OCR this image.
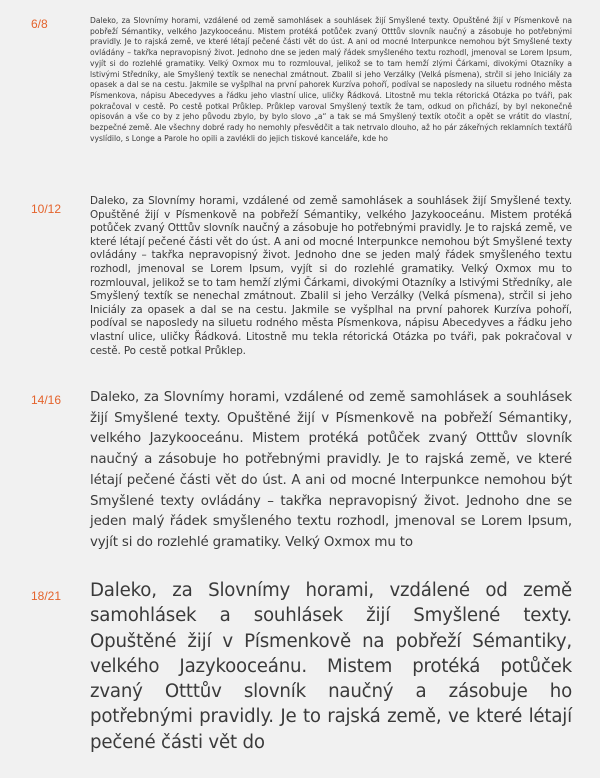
6/8	Daleko, za Slovnímy horami, vzdálené od země samohlásek a souhlásek žijí Smyšlené texty. Opuštěné žijí v Písmenkově na pobřeží Sémantiky, velkého Jazykooceánu. Mistem protéká potůček zvaný Otttův slovník naučný a zásobuje ho potřebnými pravidly. Je to rajská země, ve které létají pečené části vět do úst. A ani od mocné Interpunkce nemohou být Smyšlené texty ovládány – takřka nepravopisný život. Jednoho dne se jeden malý řádek smyšleného textu rozhodl, jmenoval se Lorem Ipsum, vyjít si do rozlehlé gramatiky. Velký Oxmox mu to rozmlouval, jelikož se to tam hemží zlými Čárkami, divokými Otazníky a lstivými Středníky, ale Smyšlený textík se nenechal zmátnout. Zbalil si jeho Verzálky (Velká písmena), strčil si jeho Iniciály za opasek a dal se na cestu. Jakmile se vyšplhal na první pahorek Kurzíva pohoří, podíval se naposledy na siluetu rodného města Písmenkova, nápisu Abecedyves a řádku jeho vlastní ulice, uličky Řádková. Litostně mu tekla rétorická Otázka po tváři, pak pokračoval v cestě. Po cestě potkal Průklep. Průklep varoval Smyšlený textík že tam, odkud on přichází, by byl nekonečně opisován a vše co by z jeho původu zbylo, by bylo slovo „a“ a tak se má Smyšlený textík otočit a opět se vrátit do vlastní, bezpečné země. Ale všechny dobré rady ho nemohly přesvědčit a tak netrvalo dlouho, až ho pár zákeřných reklamních textářů vyslídilo, s Longe a Parole ho opili a zavlékli do jejich tiskové kanceláře, kde ho

10/12

Daleko, za Slovnímy horami, vzdálené od země samohlásek a souhlásek žijí Smyšlené texty. Opuštěné žijí v Písmenkově na pobřeží Sémantiky, velkého Jazykooceánu. Mistem protéká potůček zvaný Otttův slovník naučný a zásobuje ho potřebnými pravidly. Je to rajská země, ve které létají pečené části vět do úst. A ani od mocné Interpunkce nemohou být Smyšlené texty ovládány – takřka nepravopisný život. Jednoho dne se jeden malý řádek smyšleného textu rozhodl, jmenoval se Lorem Ipsum, vyjít si do rozlehlé gramatiky. Velký Oxmox mu to rozmlouval, jelikož se to tam hemží zlými Čárkami, divokými Otazníky a lstivými Středníky, ale Smyšlený textík se nenechal zmátnout. Zbalil si jeho Verzálky (Velká písmena), strčil si jeho Iniciály za opasek a dal se na cestu. Jakmile se vyšplhal na první pahorek Kurzíva pohoří, podíval se naposledy na siluetu rodného města Písmenkova, nápisu Abecedyves a řádku jeho vlastní ulice, uličky Řádková. Litostně mu tekla rétorická Otázka po tváři, pak pokračoval v cestě. Po cestě potkal Průklep.

14/16 Daleko, za Slovnímy horami, vzdálené od země samohlásek a souhlásek žijí Smyšlené texty. Opuštěné žijí v Písmenkově na pobřeží Sémantiky, velkého Jazykooceánu. Mistem protéká potůček zvaný Otttův slovník naučný a zásobuje ho potřebnými pravidly. Je to rajská země, ve které létají pečené části vět do úst. A ani od mocné Interpunkce nemohou být Smyšlené texty ovládány – takřka nepravopisný život. Jednoho dne se jeden malý řádek smyšleného textu rozhodl, jmenoval se Lorem Ipsum, vyjít si do rozlehlé gramatiky. Velký Oxmox mu to

18/21 Daleko, za Slovnímy horami, vzdálené od země samohlásek a souhlásek žijí Smyšlené texty. Opuštěné žijí v Písmenkově na pobřeží Sémantiky, velkého Jazykooceánu. Mistem protéká potůček zvaný Otttův slovník naučný a zásobuje ho potřebnými pravidly. Je to rajská země, ve které létají pečené části vět do
